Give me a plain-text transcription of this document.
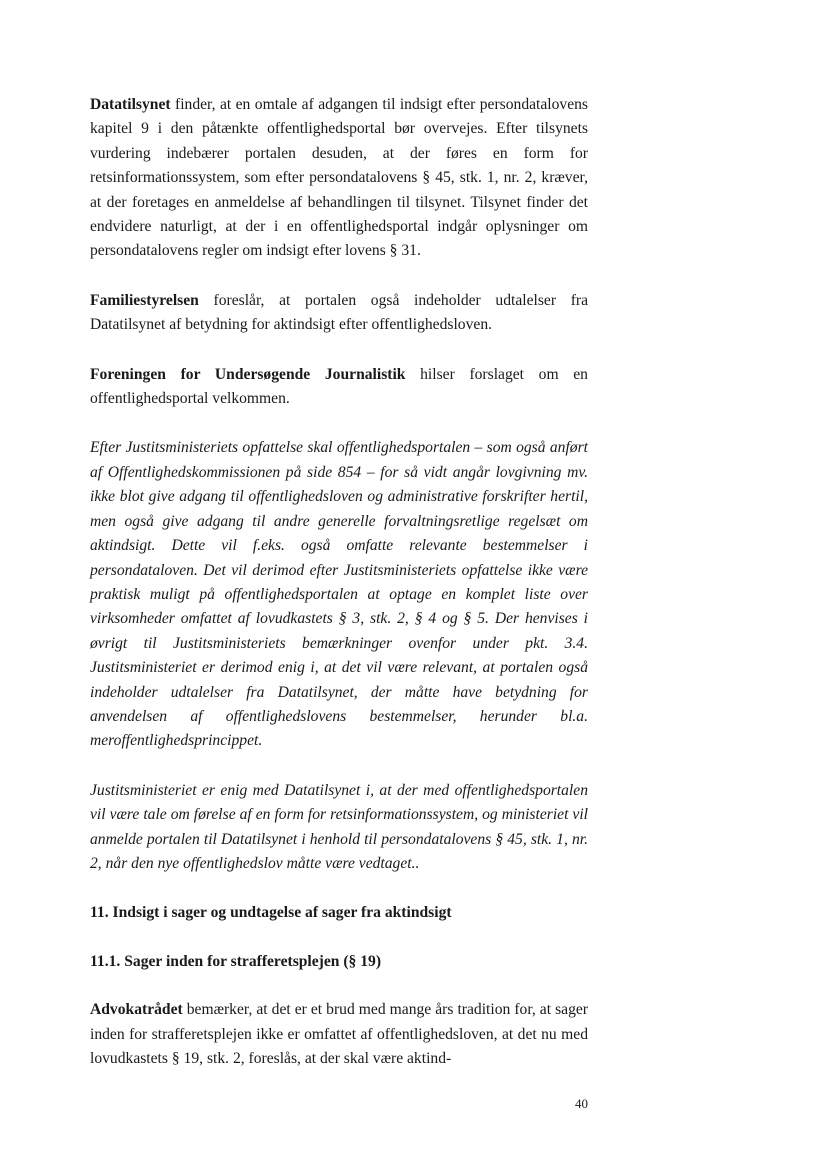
Datatilsynet finder, at en omtale af adgangen til indsigt efter persondatalovens kapitel 9 i den påtænkte offentlighedsportal bør overvejes. Efter tilsynets vurdering indebærer portalen desuden, at der føres en form for retsinformationssystem, som efter persondatalovens § 45, stk. 1, nr. 2, kræver, at der foretages en anmeldelse af behandlingen til tilsynet. Tilsynet finder det endvidere naturligt, at der i en offentlighedsportal indgår oplysninger om persondatalovens regler om indsigt efter lovens § 31.

Familiestyrelsen foreslår, at portalen også indeholder udtalelser fra Datatilsynet af betydning for aktindsigt efter offentlighedsloven.

Foreningen for Undersøgende Journalistik hilser forslaget om en offentlighedsportal velkommen.

Efter Justitsministeriets opfattelse skal offentlighedsportalen – som også anført af Offentlighedskommissionen på side 854 – for så vidt angår lovgivning mv. ikke blot give adgang til offentlighedsloven og administrative forskrifter hertil, men også give adgang til andre generelle forvaltningsretlige regelsæt om aktindsigt. Dette vil f.eks. også omfatte relevante bestemmelser i persondataloven. Det vil derimod efter Justitsministeriets opfattelse ikke være praktisk muligt på offentlighedsportalen at optage en komplet liste over virksomheder omfattet af lovudkastets § 3, stk. 2, § 4 og § 5. Der henvises i øvrigt til Justitsministeriets bemærkninger ovenfor under pkt. 3.4. Justitsministeriet er derimod enig i, at det vil være relevant, at portalen også indeholder udtalelser fra Datatilsynet, der måtte have betydning for anvendelsen af offentlighedslovens bestemmelser, herunder bl.a. meroffentlighedsprincippet.

Justitsministeriet er enig med Datatilsynet i, at der med offentlighedsportalen vil være tale om førelse af en form for retsinformationssystem, og ministeriet vil anmelde portalen til Datatilsynet i henhold til persondatalovens § 45, stk. 1, nr. 2, når den nye offentlighedslov måtte være vedtaget..

11. Indsigt i sager og undtagelse af sager fra aktindsigt
11.1. Sager inden for strafferetsplejen (§ 19)

Advokatrådet bemærker, at det er et brud med mange års tradition for, at sager inden for strafferetsplejen ikke er omfattet af offentlighedsloven, at det nu med lovudkastets § 19, stk. 2, foreslås, at der skal være aktind-

40
